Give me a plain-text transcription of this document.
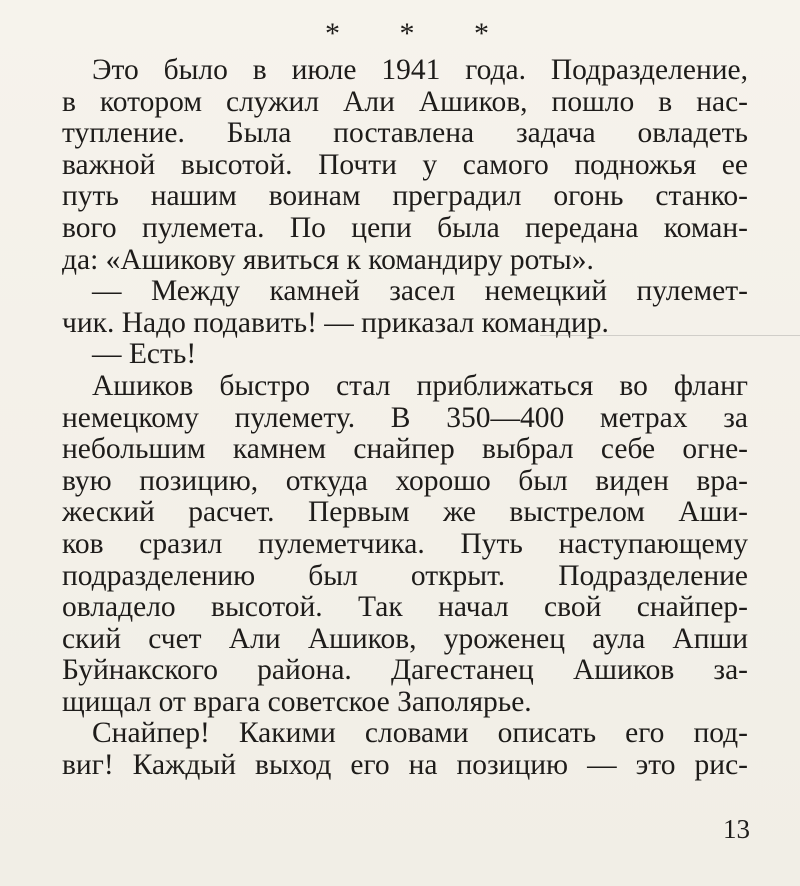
* * *
Это было в июле 1941 года. Подразделение,
в котором служил Али Ашиков, пошло в нас-
тупление. Была поставлена задача овладеть
важной высотой. Почти у самого подножья ее
путь нашим воинам преградил огонь станко-
вого пулемета. По цепи была передана коман-
да: «Ашикову явиться к командиру роты».
— Между камней засел немецкий пулемет-
чик. Надо подавить! — приказал командир.
— Есть!
Ашиков быстро стал приближаться во фланг
немецкому пулемету. В 350—400 метрах за
небольшим камнем снайпер выбрал себе огне-
вую позицию, откуда хорошо был виден вра-
жеский расчет. Первым же выстрелом Аши-
ков сразил пулеметчика. Путь наступающему
подразделению был открыт. Подразделение
овладело высотой. Так начал свой снайпер-
ский счет Али Ашиков, уроженец аула Апши
Буйнакского района. Дагестанец Ашиков за-
щищал от врага советское Заполярье.
Снайпер! Какими словами описать его под-
виг! Каждый выход его на позицию — это рис-
13
